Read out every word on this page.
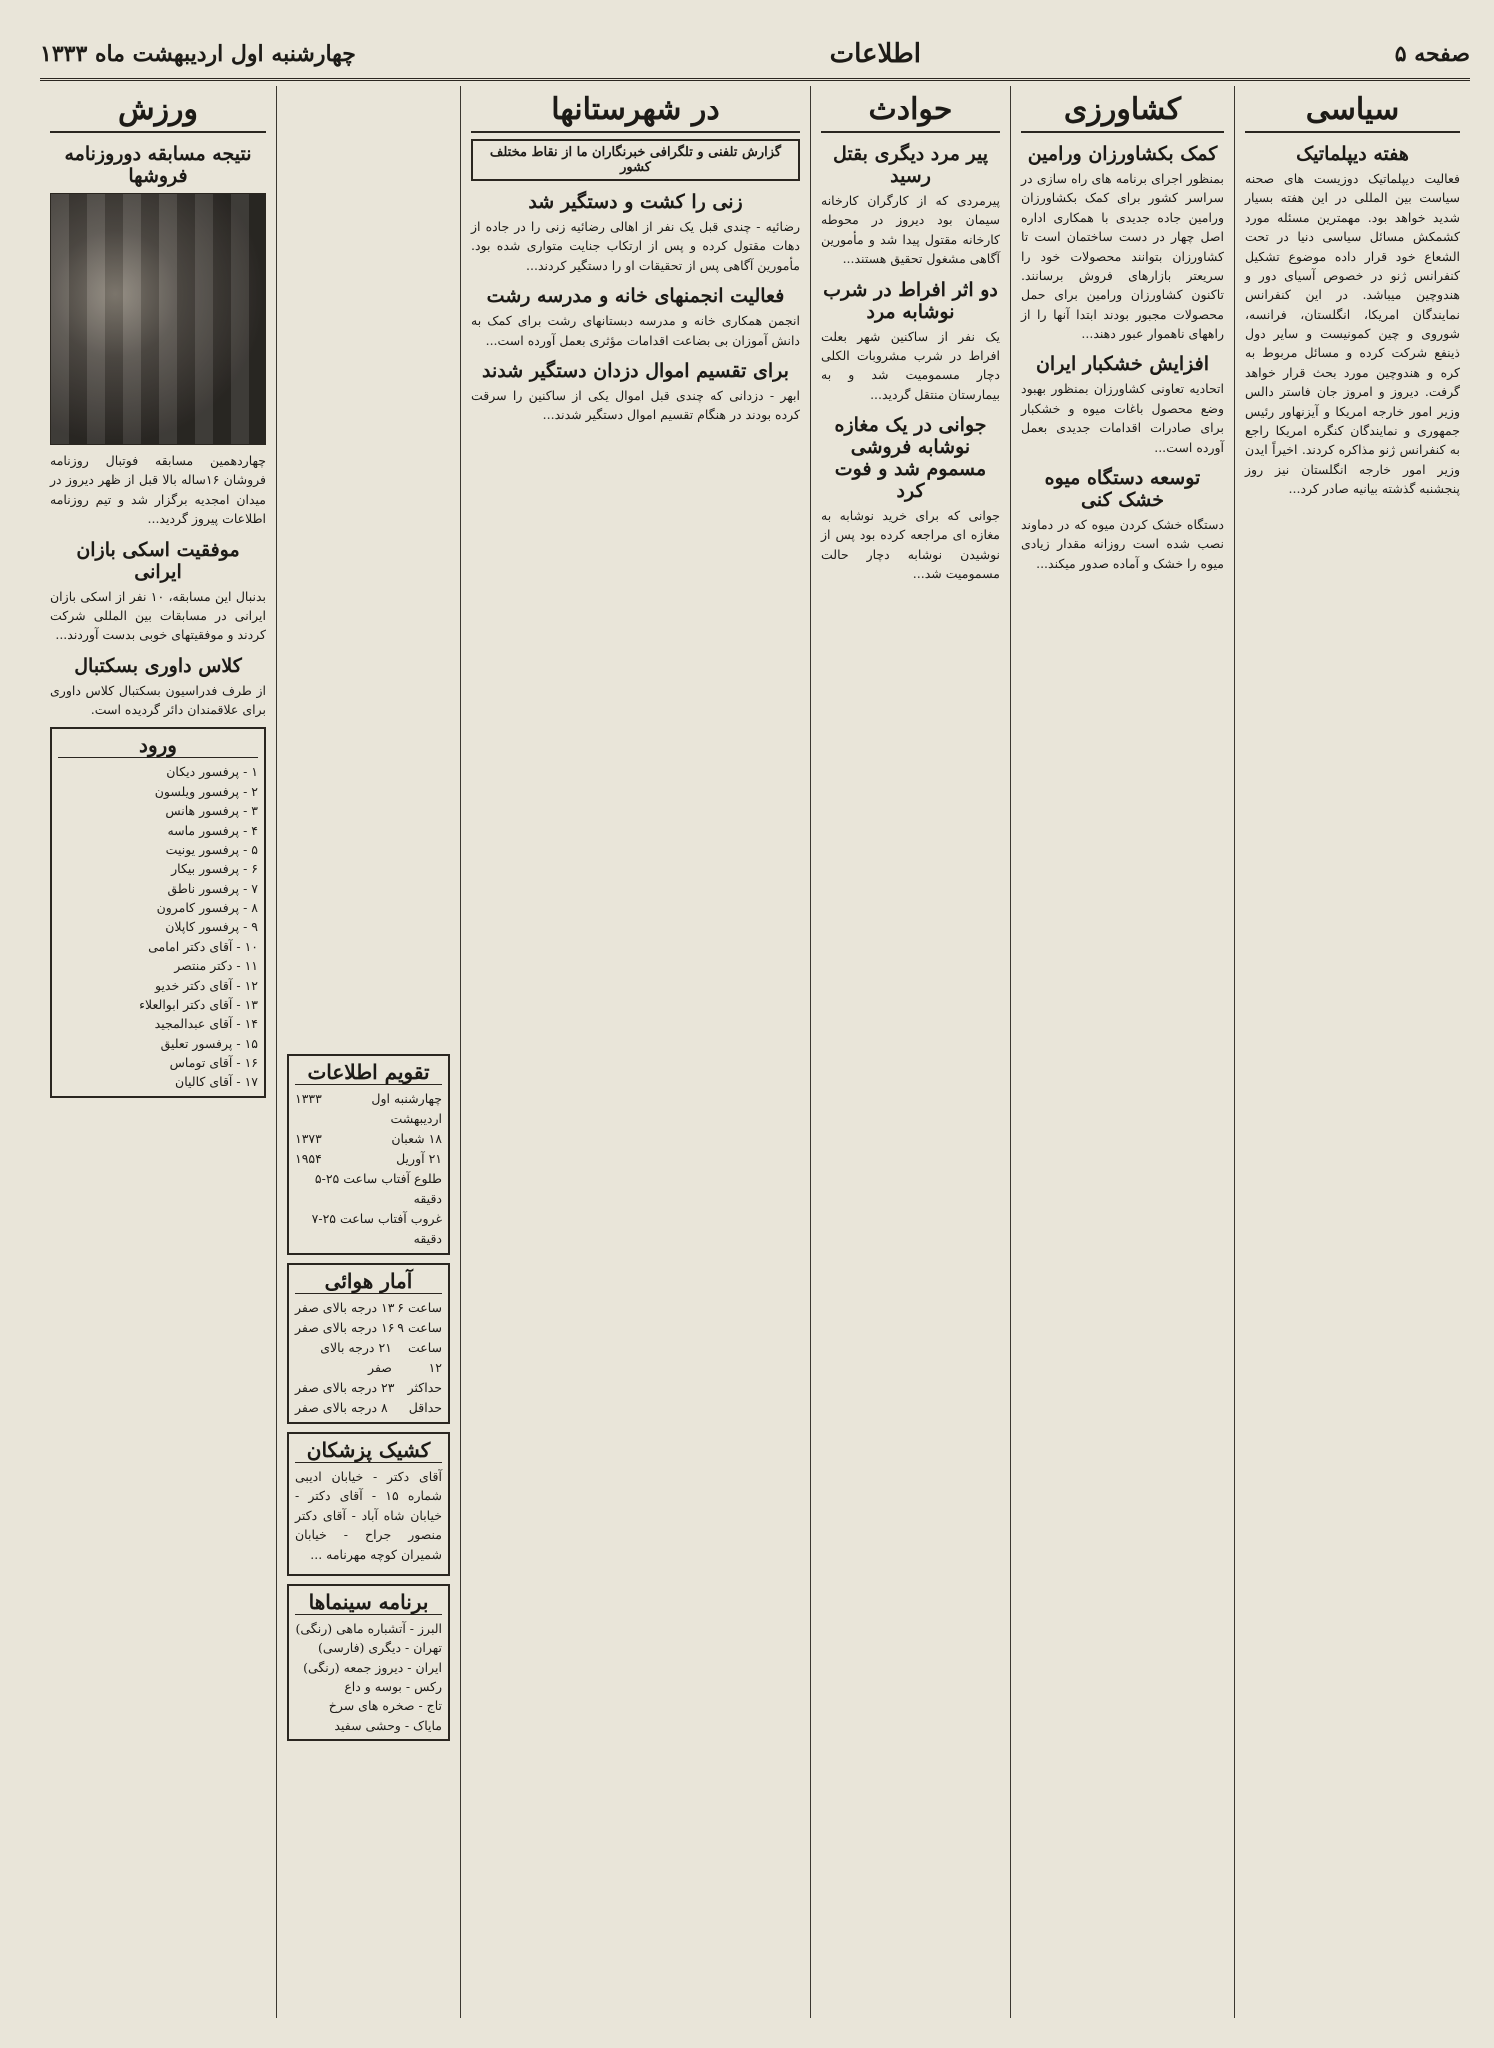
صفحه ۵
اطلاعات
چهارشنبه اول اردیبهشت ماه ۱۳۳۳
سیاسی
هفته دیپلماتیک

فعالیت دیپلماتیک دوزیست های صحنه سیاست بین المللی در این هفته بسیار شدید خواهد بود. مهمترین مسئله مورد کشمکش مسائل سیاسی دنیا در تحت الشعاع خود قرار داده موضوع تشکیل کنفرانس ژنو در خصوص آسیای دور و هندوچین میباشد. در این کنفرانس نمایندگان امریکا، انگلستان، فرانسه، شوروی و چین کمونیست و سایر دول ذینفع شرکت کرده و مسائل مربوط به کره و هندوچین مورد بحث قرار خواهد گرفت. دیروز و امروز جان فاستر دالس وزیر امور خارجه امریکا و آیزنهاور رئیس جمهوری و نمایندگان کنگره امریکا راجع به کنفرانس ژنو مذاکره کردند. اخیراً ایدن وزیر امور خارجه انگلستان نیز روز پنجشنبه گذشته بیانیه صادر کرد...

کشاورزی
کمک بکشاورزان ورامین

بمنظور اجرای برنامه های راه سازی در سراسر کشور برای کمک بکشاورزان ورامین جاده جدیدی با همکاری اداره اصل چهار در دست ساختمان است تا کشاورزان بتوانند محصولات خود را سریعتر بازارهای فروش برسانند. تاکنون کشاورزان ورامین برای حمل محصولات مجبور بودند ابتدا آنها را از راههای ناهموار عبور دهند...

افزایش خشکبار ایران

اتحادیه تعاونی کشاورزان بمنظور بهبود وضع محصول باغات میوه و خشکبار برای صادرات اقدامات جدیدی بعمل آورده است...

توسعه دستگاه میوه خشک کنی

دستگاه خشک کردن میوه که در دماوند نصب شده است روزانه مقدار زیادی میوه را خشک و آماده صدور میکند...

حوادث
پیر مرد دیگری بقتل رسید

پیرمردی که از کارگران کارخانه سیمان بود دیروز در محوطه کارخانه مقتول پیدا شد و مأمورین آگاهی مشغول تحقیق هستند...

دو اثر افراط در شرب نوشابه مرد

یک نفر از ساکنین شهر بعلت افراط در شرب مشروبات الکلی دچار مسمومیت شد و به بیمارستان منتقل گردید...

جوانی در یک مغازه نوشابه فروشی مسموم شد و فوت کرد

جوانی که برای خرید نوشابه به مغازه ای مراجعه کرده بود پس از نوشیدن نوشابه دچار حالت مسمومیت شد...

در شهرستانها
گزارش تلفنی و تلگرافی خبرنگاران ما از نقاط مختلف کشور
زنی را کشت و دستگیر شد

رضائیه - چندی قبل یک نفر از اهالی رضائیه زنی را در جاده از دهات مقتول کرده و پس از ارتکاب جنایت متواری شده بود. مأمورین آگاهی پس از تحقیقات او را دستگیر کردند...

فعالیت انجمنهای خانه و مدرسه رشت

انجمن همکاری خانه و مدرسه دبستانهای رشت برای کمک به دانش آموزان بی بضاعت اقدامات مؤثری بعمل آورده است...

برای تقسیم اموال دزدان دستگیر شدند

ابهر - دزدانی که چندی قبل اموال یکی از ساکنین را سرقت کرده بودند در هنگام تقسیم اموال دستگیر شدند...

تقویم اطلاعات
چهارشنبه اول اردیبهشت
۱۳۳۳
۱۸ شعبان
۱۳۷۳
۲۱ آوریل
۱۹۵۴
طلوع آفتاب ساعت ۲۵-۵ دقیقه
غروب آفتاب ساعت ۲۵-۷ دقیقه
آمار هوائی
ساعت ۶
۱۳ درجه بالای صفر
ساعت ۹
۱۶ درجه بالای صفر
ساعت ۱۲
۲۱ درجه بالای صفر
حداکثر
۲۳ درجه بالای صفر
حداقل
۸ درجه بالای صفر
کشیک پزشکان

آقای دکتر - خیابان ادیبی شماره ۱۵ - آقای دکتر - خیابان شاه آباد - آقای دکتر منصور جراح - خیابان شمیران کوچه مهرنامه ...

برنامه سینماها
البرز - آتشباره ماهی (رنگی)
تهران - دیگری (فارسی)
ایران - دیروز جمعه (رنگی)
رکس - بوسه و داع
تاج - صخره های سرخ
مایاک - وحشی سفید
ورزش
نتیجه مسابقه دوروزنامه فروشها

چهاردهمین مسابقه فوتبال روزنامه فروشان ۱۶ساله بالا قبل از ظهر دیروز در میدان امجدیه برگزار شد و تیم روزنامه اطلاعات پیروز گردید...

موفقیت اسکی بازان ایرانی

بدنبال این مسابقه، ۱۰ نفر از اسکی بازان ایرانی در مسابقات بین المللی شرکت کردند و موفقیتهای خوبی بدست آوردند...

کلاس داوری بسکتبال

از طرف فدراسیون بسکتبال کلاس داوری برای علاقمندان دائر گردیده است.

ورود
۱ - پرفسور دیکان
۲ - پرفسور ویلسون
۳ - پرفسور هانس
۴ - پرفسور ماسه
۵ - پرفسور یونیت
۶ - پرفسور بیکار
۷ - پرفسور ناطق
۸ - پرفسور کامرون
۹ - پرفسور کاپلان
۱۰ - آقای دکتر امامی
۱۱ - دکتر منتصر
۱۲ - آقای دکتر خدیو
۱۳ - آقای دکتر ابوالعلاء
۱۴ - آقای عبدالمجید
۱۵ - پرفسور تعلیق
۱۶ - آقای توماس
۱۷ - آقای کالیان
